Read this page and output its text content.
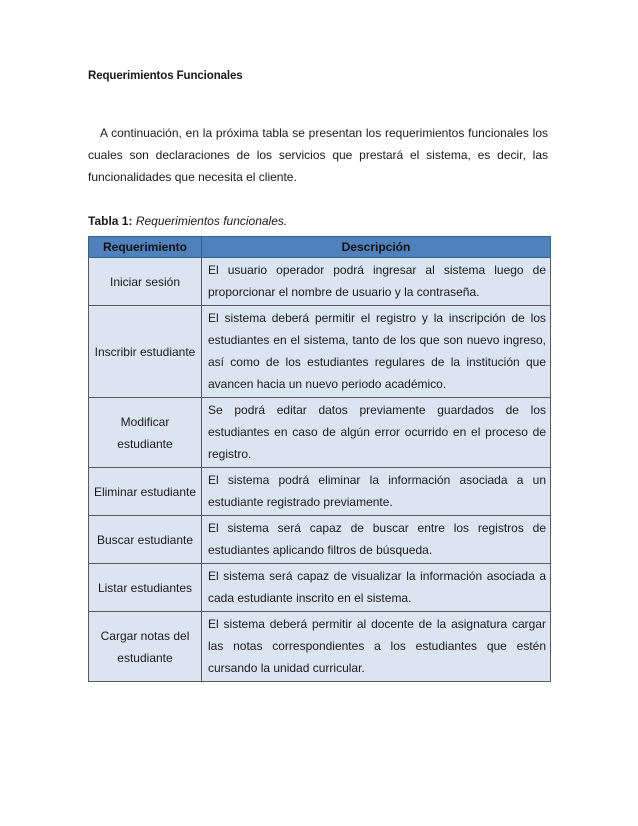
Requerimientos Funcionales
A continuación, en la próxima tabla se presentan los requerimientos funcionales los cuales son declaraciones de los servicios que prestará el sistema, es decir, las funcionalidades que necesita el cliente.
Tabla 1: Requerimientos funcionales.
Requerimiento	Descripción
Iniciar sesión	El usuario operador podrá ingresar al sistema luego de proporcionar el nombre de usuario y la contraseña.
Inscribir estudiante	El sistema deberá permitir el registro y la inscripción de los estudiantes en el sistema, tanto de los que son nuevo ingreso, así como de los estudiantes regulares de la institución que avancen hacia un nuevo periodo académico.
Modificar estudiante	Se podrá editar datos previamente guardados de los estudiantes en caso de algún error ocurrido en el proceso de registro.
Eliminar estudiante	El sistema podrá eliminar la información asociada a un estudiante registrado previamente.
Buscar estudiante	El sistema será capaz de buscar entre los registros de estudiantes aplicando filtros de búsqueda.
Listar estudiantes	El sistema será capaz de visualizar la información asociada a cada estudiante inscrito en el sistema.
Cargar notas del estudiante	El sistema deberá permitir al docente de la asignatura cargar las notas correspondientes a los estudiantes que estén cursando la unidad curricular.
